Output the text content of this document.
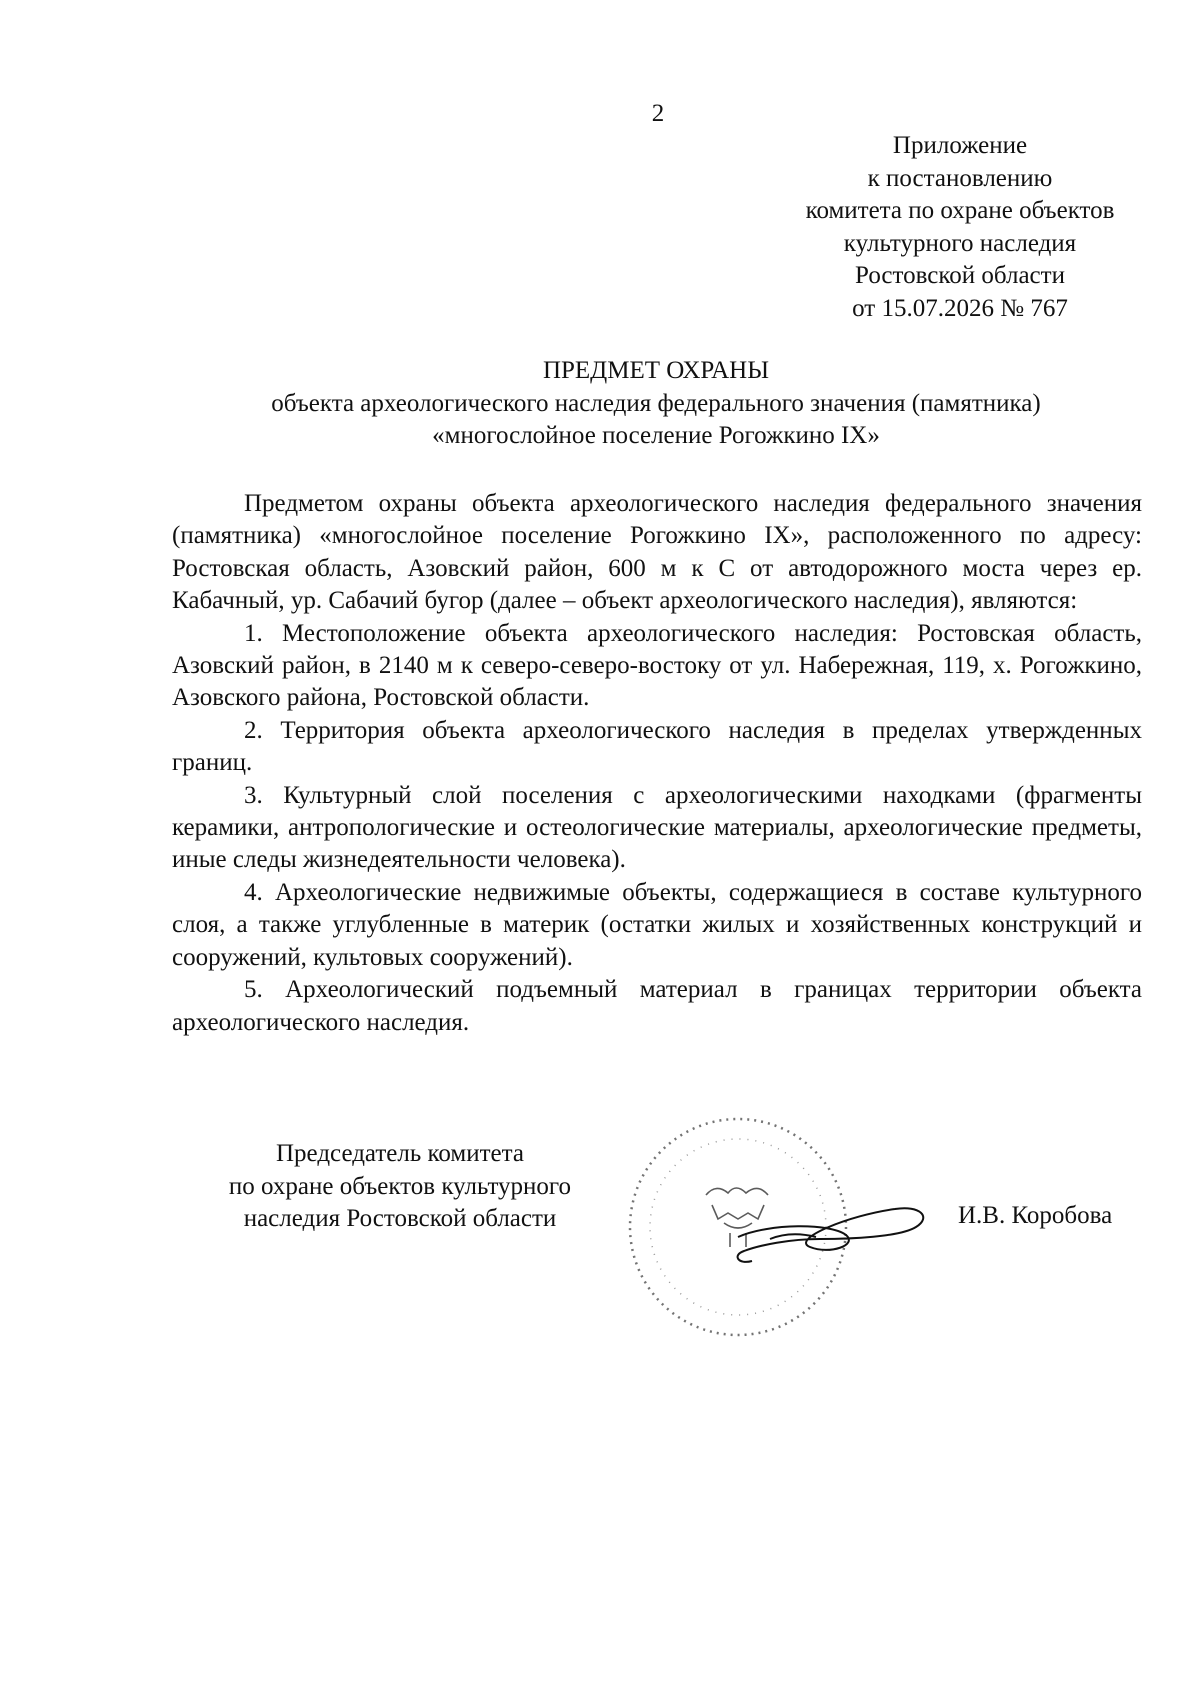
2
Приложение
к постановлению
комитета по охране объектов
культурного наследия
Ростовской области
от 15.07.2026 № 767
ПРЕДМЕТ ОХРАНЫ
объекта археологического наследия федерального значения (памятника)
«многослойное поселение Рогожкино IX»

Предметом охраны объекта археологического наследия федерального значения (памятника) «многослойное поселение Рогожкино IX», расположенного по адресу: Ростовская область, Азовский район, 600 м к С от автодорожного моста через ер. Кабачный, ур. Сабачий бугор (далее – объект археологического наследия), являются:

1. Местоположение объекта археологического наследия: Ростовская область, Азовский район, в 2140 м к северо-северо-востоку от ул. Набережная, 119, х. Рогожкино, Азовского района, Ростовской области.

2. Территория объекта археологического наследия в пределах утвержденных границ.

3. Культурный слой поселения с археологическими находками (фрагменты керамики, антропологические и остеологические материалы, археологические предметы, иные следы жизнедеятельности человека).

4. Археологические недвижимые объекты, содержащиеся в составе культурного слоя, а также углубленные в материк (остатки жилых и хозяйственных конструкций и сооружений, культовых сооружений).

5. Археологический подъемный материал в границах территории объекта археологического наследия.

Председатель комитета
по охране объектов культурного
наследия Ростовской области	И.В. Коробова
